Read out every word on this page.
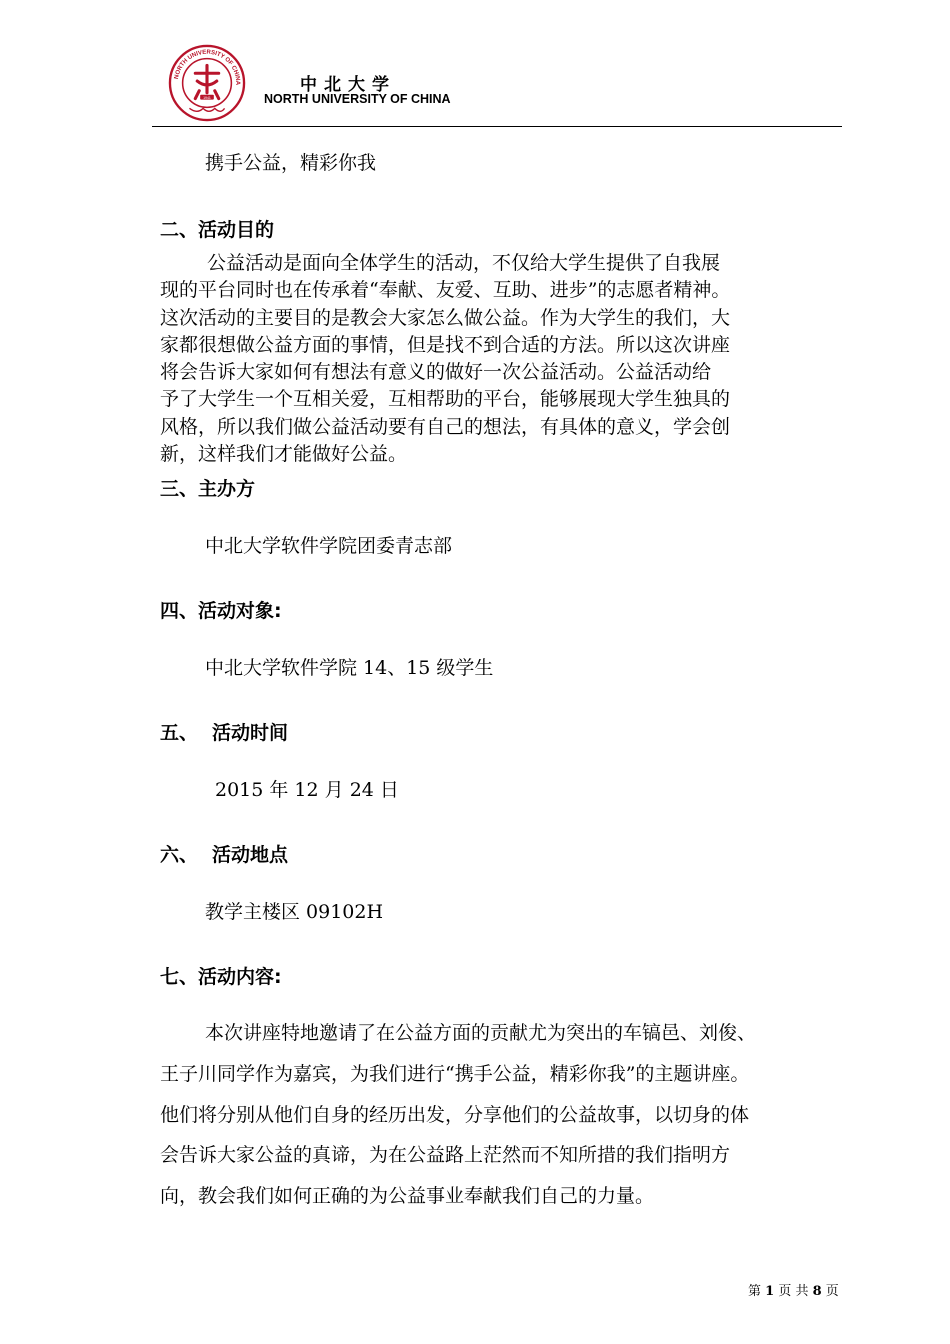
NORTH UNIVERSITY OF CHINA
1941
中北大学
NORTH UNIVERSITY OF CHINA
携手公益，精彩你我
二、活动目的
公益活动是面向全体学生的活动，不仅给大学生提供了自我展
现的平台同时也在传承着“奉献、友爱、互助、进步”的志愿者精神。
这次活动的主要目的是教会大家怎么做公益。作为大学生的我们，大
家都很想做公益方面的事情，但是找不到合适的方法。所以这次讲座
将会告诉大家如何有想法有意义的做好一次公益活动。公益活动给
予了大学生一个互相关爱，互相帮助的平台，能够展现大学生独具的
风格，所以我们做公益活动要有自己的想法，有具体的意义，学会创
新，这样我们才能做好公益。
三、主办方
中北大学软件学院团委青志部
四、活动对象:
中北大学软件学院 14、15 级学生
五、 活动时间
2015 年 12 月 24 日
六、 活动地点
教学主楼区 09102H
七、活动内容:
本次讲座特地邀请了在公益方面的贡献尤为突出的车镐邑、刘俊、
王子川同学作为嘉宾，为我们进行“携手公益，精彩你我”的主题讲座。
他们将分别从他们自身的经历出发，分享他们的公益故事，以切身的体
会告诉大家公益的真谛，为在公益路上茫然而不知所措的我们指明方
向，教会我们如何正确的为公益事业奉献我们自己的力量。
第 1 页 共 8 页
